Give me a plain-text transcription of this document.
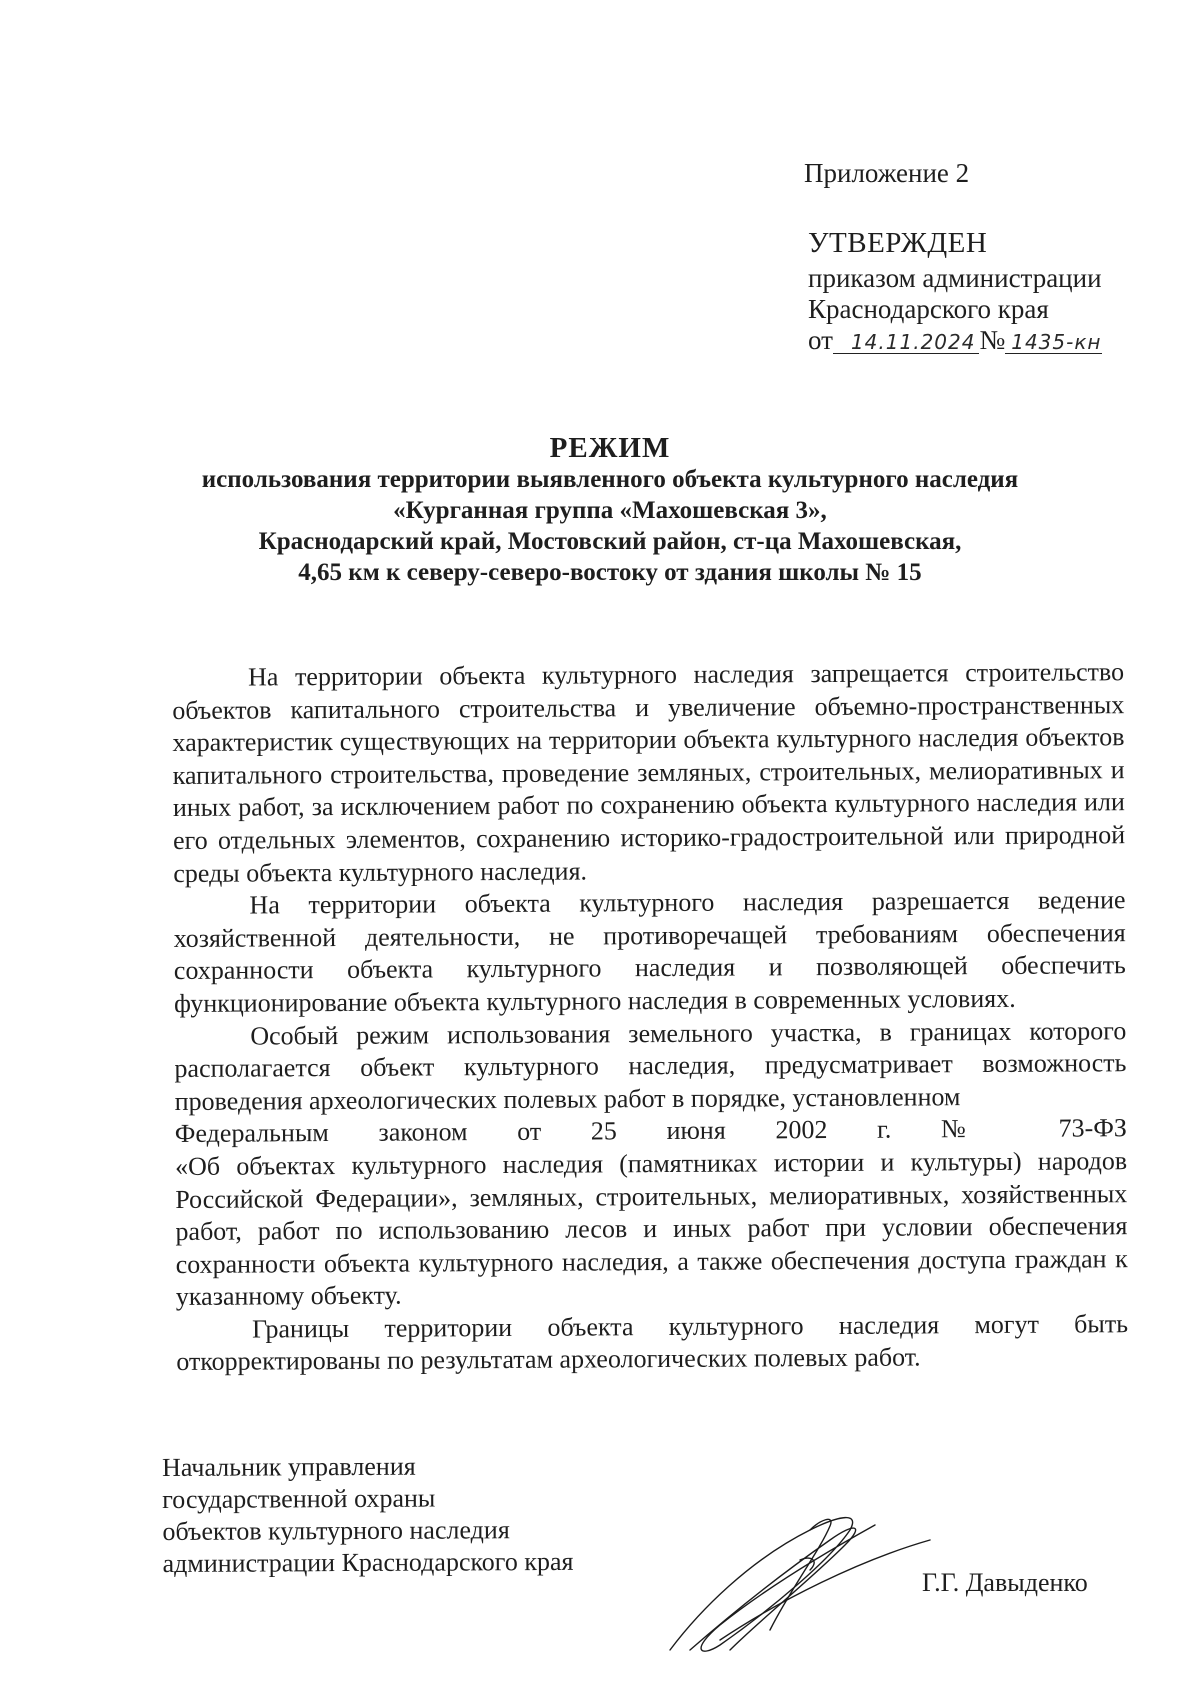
Приложение 2
УТВЕРЖДЕН
приказом администрации
Краснодарского края
от 14.11.2024 № 1435-кн
РЕЖИМ
использования территории выявленного объекта культурного наследия
«Курганная группа «Махошевская 3»,
Краснодарский край, Мостовский район, ст-ца Махошевская,
4,65 км к северу-северо-востоку от здания школы № 15

На территории объекта культурного наследия запрещается строительство объектов капитального строительства и увеличение объемно-пространственных характеристик существующих на территории объекта культурного наследия объектов капитального строительства, проведение земляных, строительных, мелиоративных и иных работ, за исключением работ по сохранению объекта культурного наследия или его отдельных элементов, сохранению историко-градостроительной или природной среды объекта культурного наследия.

На территории объекта культурного наследия разрешается ведение хозяйственной деятельности, не противоречащей требованиям обеспечения сохранности объекта культурного наследия и позволяющей обеспечить функционирование объекта культурного наследия в современных условиях.

Особый режим использования земельного участка, в границах которого располагается объект культурного наследия, предусматривает возможность проведения археологических полевых работ в порядке, установленном

Федеральным законом от 25 июня 2002 г. № 73-ФЗ

«Об объектах культурного наследия (памятниках истории и культуры) народов Российской Федерации», земляных, строительных, мелиоративных, хозяйственных работ, работ по использованию лесов и иных работ при условии обеспечения сохранности объекта культурного наследия, а также обеспечения доступа граждан к указанному объекту.

Границы территории объекта культурного наследия могут быть откорректированы по результатам археологических полевых работ.

Начальник управления
государственной охраны
объектов культурного наследия
администрации Краснодарского края
Г.Г. Давыденко
